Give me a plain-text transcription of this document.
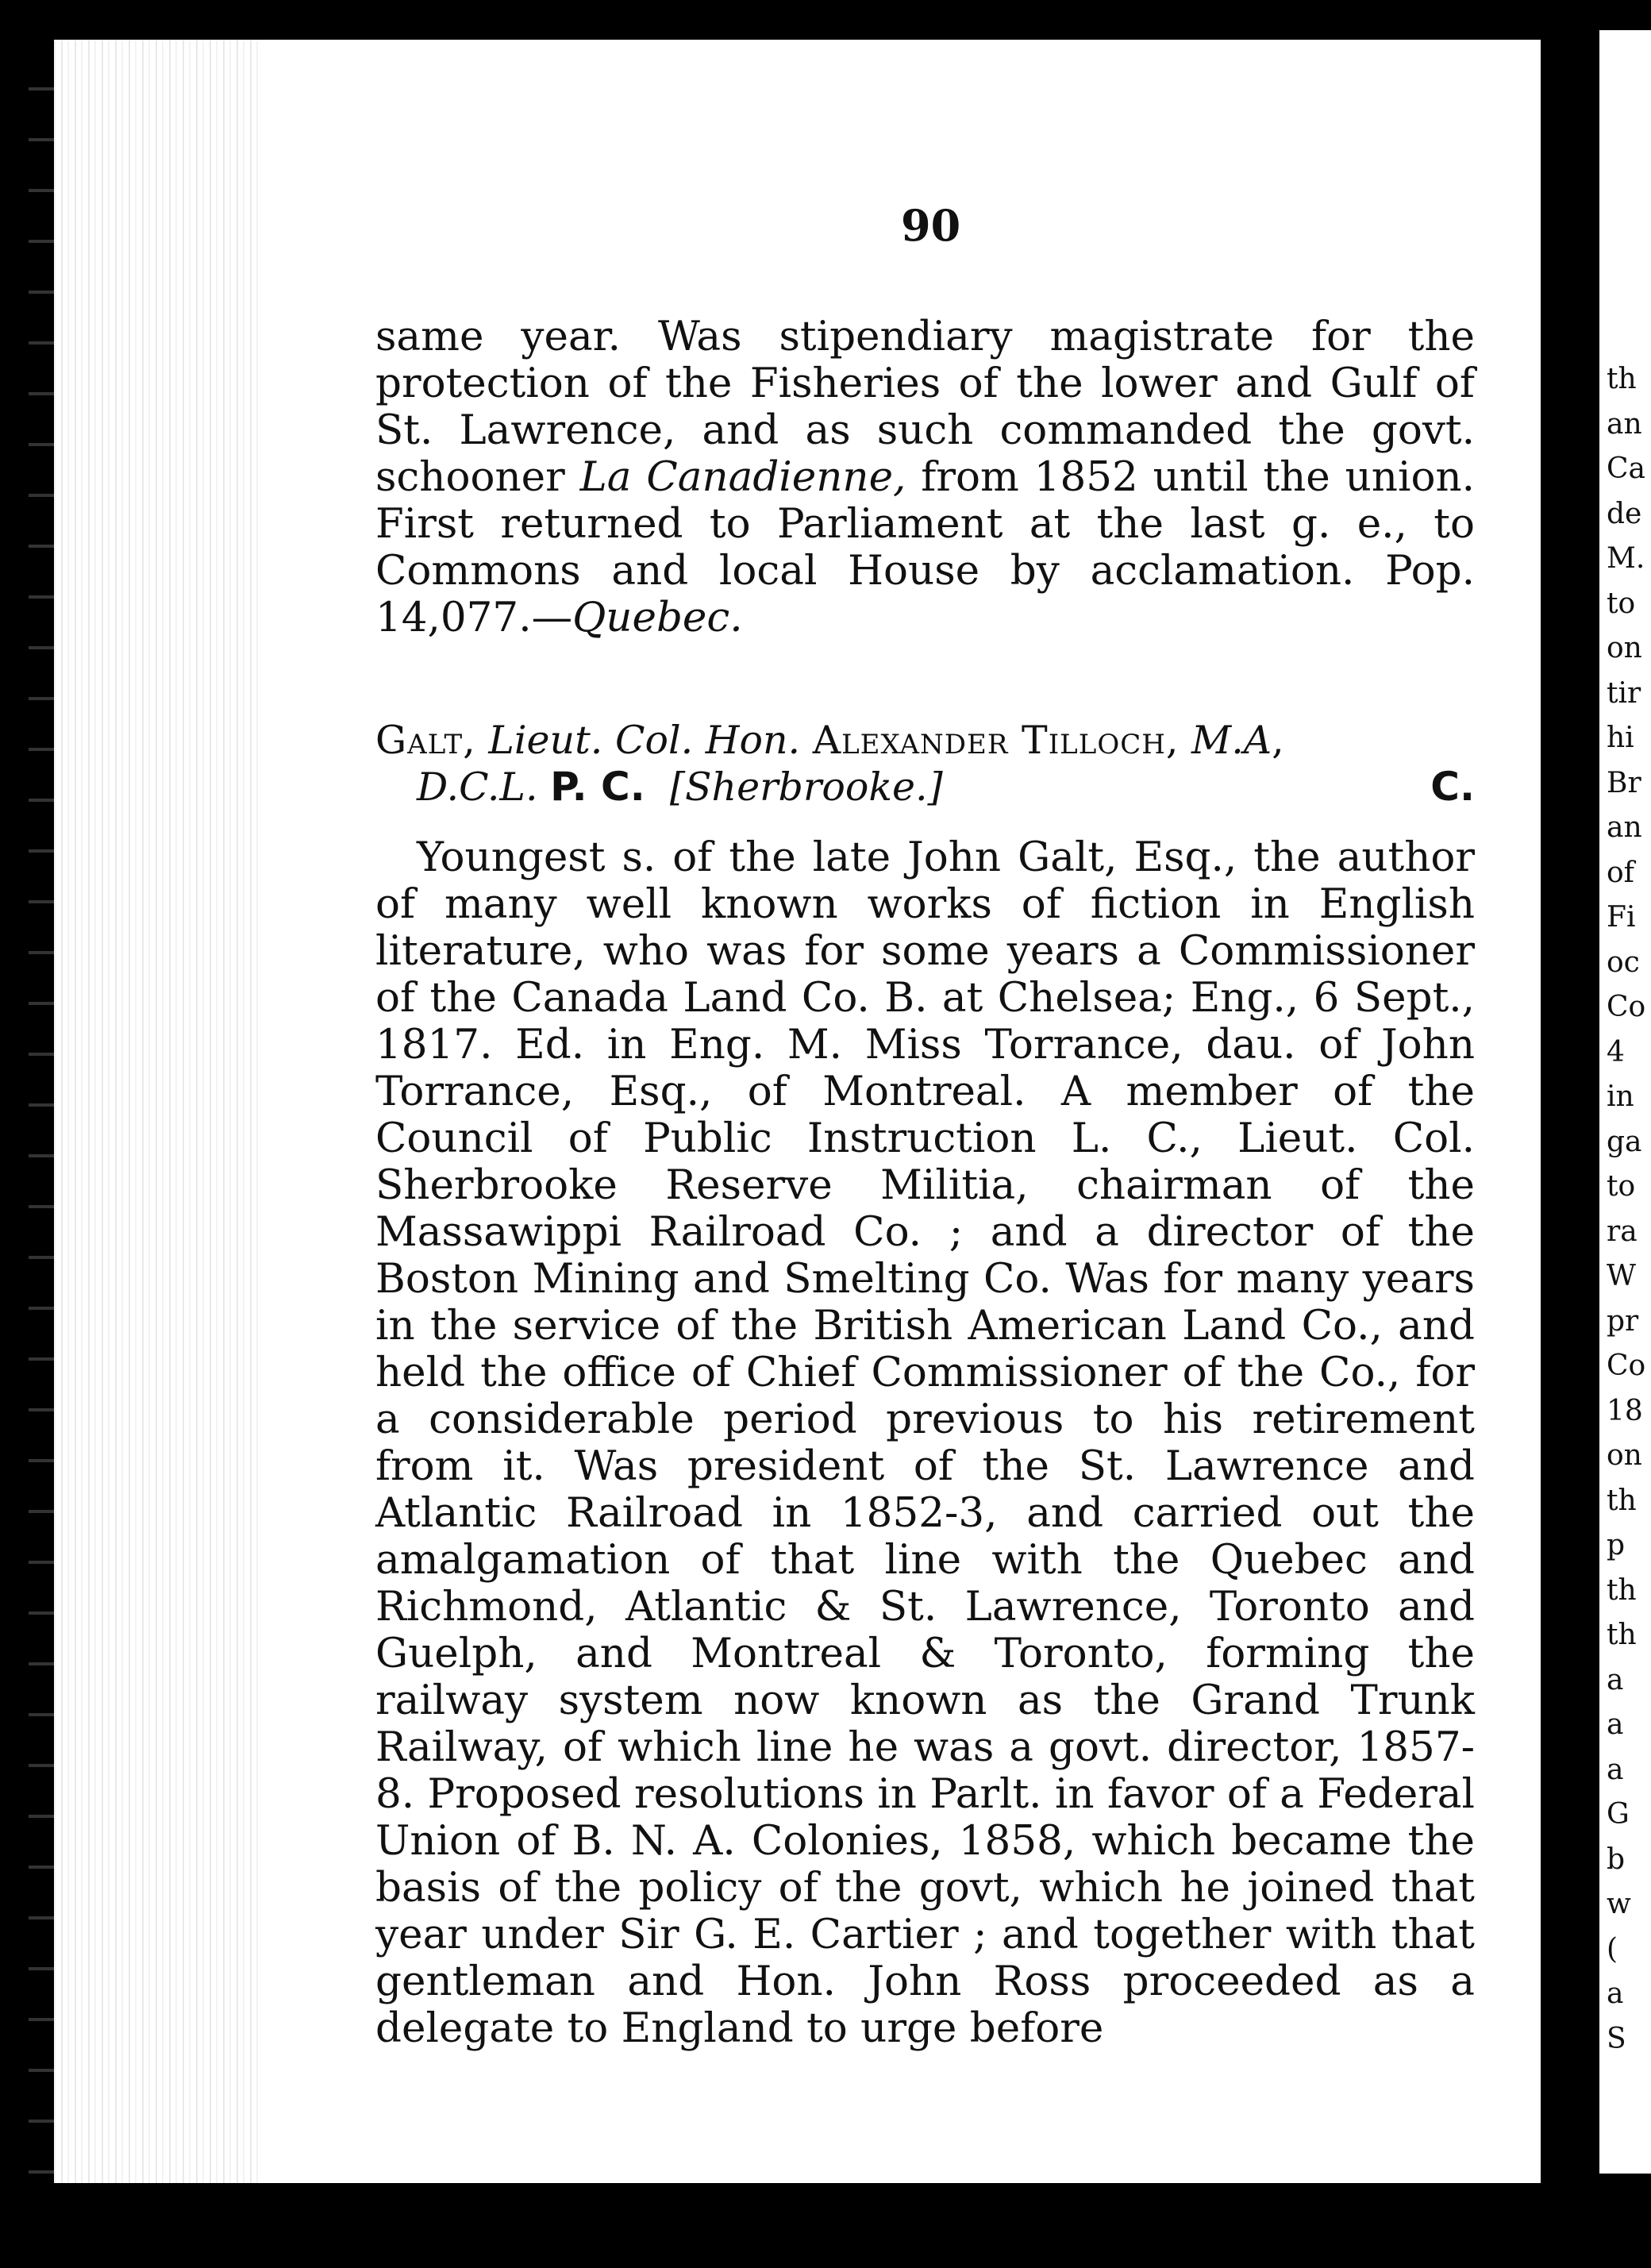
90

same year. Was stipendiary magistrate for the protection of the Fisheries of the lower and Gulf of St. Lawrence, and as such commanded the govt. schooner La Canadienne, from 1852 until the union. First returned to Parliament at the last g. e., to Commons and local House by acclamation. Pop. 14,077.—Quebec.

Galt, Lieut. Col. Hon. Alexander Tilloch, M.A,
D.C.L. P. C. [Sherbrooke.]	C.

Youngest s. of the late John Galt, Esq., the author of many well known works of fiction in English literature, who was for some years a Commissioner of the Canada Land Co. B. at Chelsea; Eng., 6 Sept., 1817. Ed. in Eng. M. Miss Torrance, dau. of John Torrance, Esq., of Montreal. A member of the Council of Public Instruction L. C., Lieut. Col. Sherbrooke Reserve Militia, chairman of the Massawippi Railroad Co. ; and a director of the Boston Mining and Smelting Co. Was for many years in the service of the British American Land Co., and held the office of Chief Commissioner of the Co., for a considerable period previous to his retirement from it. Was president of the St. Lawrence and Atlantic Railroad in 1852-3, and carried out the amalgamation of that line with the Quebec and Richmond, Atlantic & St. Lawrence, Toronto and Guelph, and Montreal & Toronto, forming the railway system now known as the Grand Trunk Railway, of which line he was a govt. director, 1857-8. Proposed resolutions in Parlt. in favor of a Federal Union of B. N. A. Colonies, 1858, which became the basis of the policy of the govt, which he joined that year under Sir G. E. Cartier ; and together with that gentleman and Hon. John Ross proceeded as a delegate to England to urge before

th
an
Ca
de
M.
to
on
tir
hi
Br
an
of
Fi
oc
Co
4
in
ga
to
ra
W
pr
Co
18
on
th
p
th
th
a
a
a
G
b
w
(
a
S
